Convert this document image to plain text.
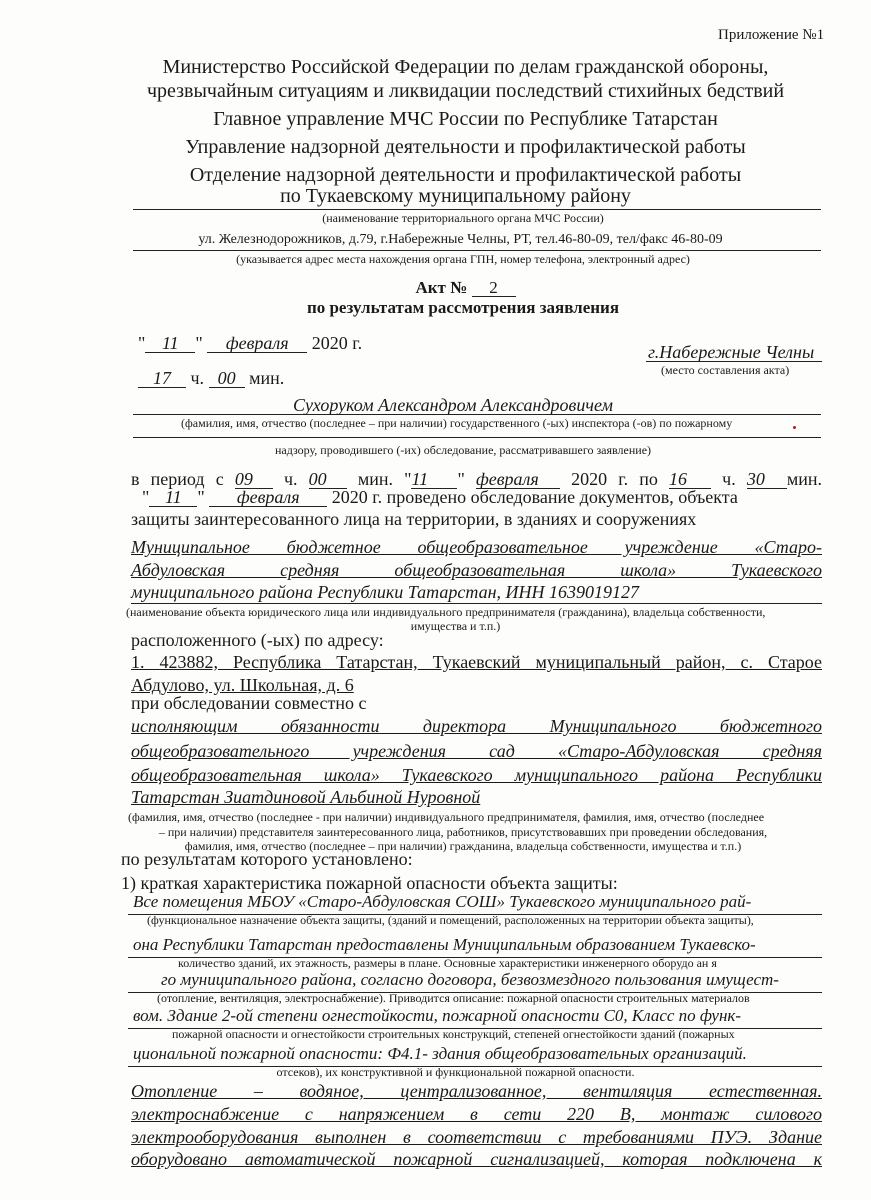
Приложение №1
Министерство Российской Федерации по делам гражданской обороны,
чрезвычайным ситуациям и ликвидации последствий стихийных бедствий
Главное управление МЧС России по Республике Татарстан
Управление надзорной деятельности и профилактической работы
Отделение надзорной деятельности и профилактической работы
по Тукаевскому муниципальному району
(наименование территориального органа МЧС России)
ул. Железнодорожников, д.79, г.Набережные Челны, РТ, тел.46-80-09, тел/факс 46-80-09
(указывается адрес места нахождения органа ГПН, номер телефона, электронный адрес)
Акт № 2
по результатам рассмотрения заявления
" 11 " февраля 2020 г.	г.Набережные Челны
(место составления акта)
17 ч. 00 мин.
Сухоруком Александром Александровичем
(фамилия, имя, отчество (последнее – при наличии) государственного (-ых) инспектора (-ов) по пожарному
надзору, проводившего (-их) обследование, рассматривавшего заявление)
в период с 09 ч. 00 мин. "11 " февраля 2020 г. по 16 ч. 30 мин.
" 11 " февраля 2020 г. проведено обследование документов, объекта
защиты заинтересованного лица на территории, в зданиях и сооружениях
Муниципальное бюджетное общеобразовательное учреждение «Старо-
Абдуловская средняя общеобразовательная школа» Тукаевского
муниципального района Республики Татарстан, ИНН 1639019127
(наименование объекта юридического лица или индивидуального предпринимателя (гражданина), владельца собственности,
имущества и т.п.)
расположенного (-ых) по адресу:
1. 423882, Республика Татарстан, Тукаевский муниципальный район, с. Старое
Абдулово, ул. Школьная, д. 6
при обследовании совместно с
исполняющим обязанности директора Муниципального бюджетного
общеобразовательного учреждения сад «Старо-Абдуловская средняя
общеобразовательная школа» Тукаевского муниципального района Республики
Татарстан Зиатдиновой Альбиной Нуровной
(фамилия, имя, отчество (последнее - при наличии) индивидуального предпринимателя, фамилия, имя, отчество (последнее
– при наличии) представителя заинтересованного лица, работников, присутствовавших при проведении обследования,
фамилия, имя, отчество (последнее – при наличии) гражданина, владельца собственности, имущества и т.п.)
по результатам которого установлено:
1) краткая характеристика пожарной опасности объекта защиты:
Все помещения МБОУ «Старо-Абдуловская СОШ» Тукаевского муниципального рай-
(функциональное назначение объекта защиты, (зданий и помещений, расположенных на территории объекта защиты),
она Республики Татарстан предоставлены Муниципальным образованием Тукаевско-
количество зданий, их этажность, размеры в плане. Основные характеристики инженерного оборудо ан я
го муниципального района, согласно договора, безвозмездного пользования имущест-
(отопление, вентиляция, электроснабжение). Приводится описание: пожарной опасности строительных материалов
вом. Здание 2-ой степени огнестойкости, пожарной опасности С0, Класс по функ-
пожарной опасности и огнестойкости строительных конструкций, степеней огнестойкости зданий (пожарных
циональной пожарной опасности: Ф4.1- здания общеобразовательных организаций.
отсеков), их конструктивной и функциональной пожарной опасности.
Отопление – водяное, централизованное, вентиляция естественная.
электроснабжение с напряжением в сети 220 В, монтаж силового
электрооборудования выполнен в соответствии с требованиями ПУЭ. Здание
оборудовано автоматической пожарной сигнализацией, которая подключена к
